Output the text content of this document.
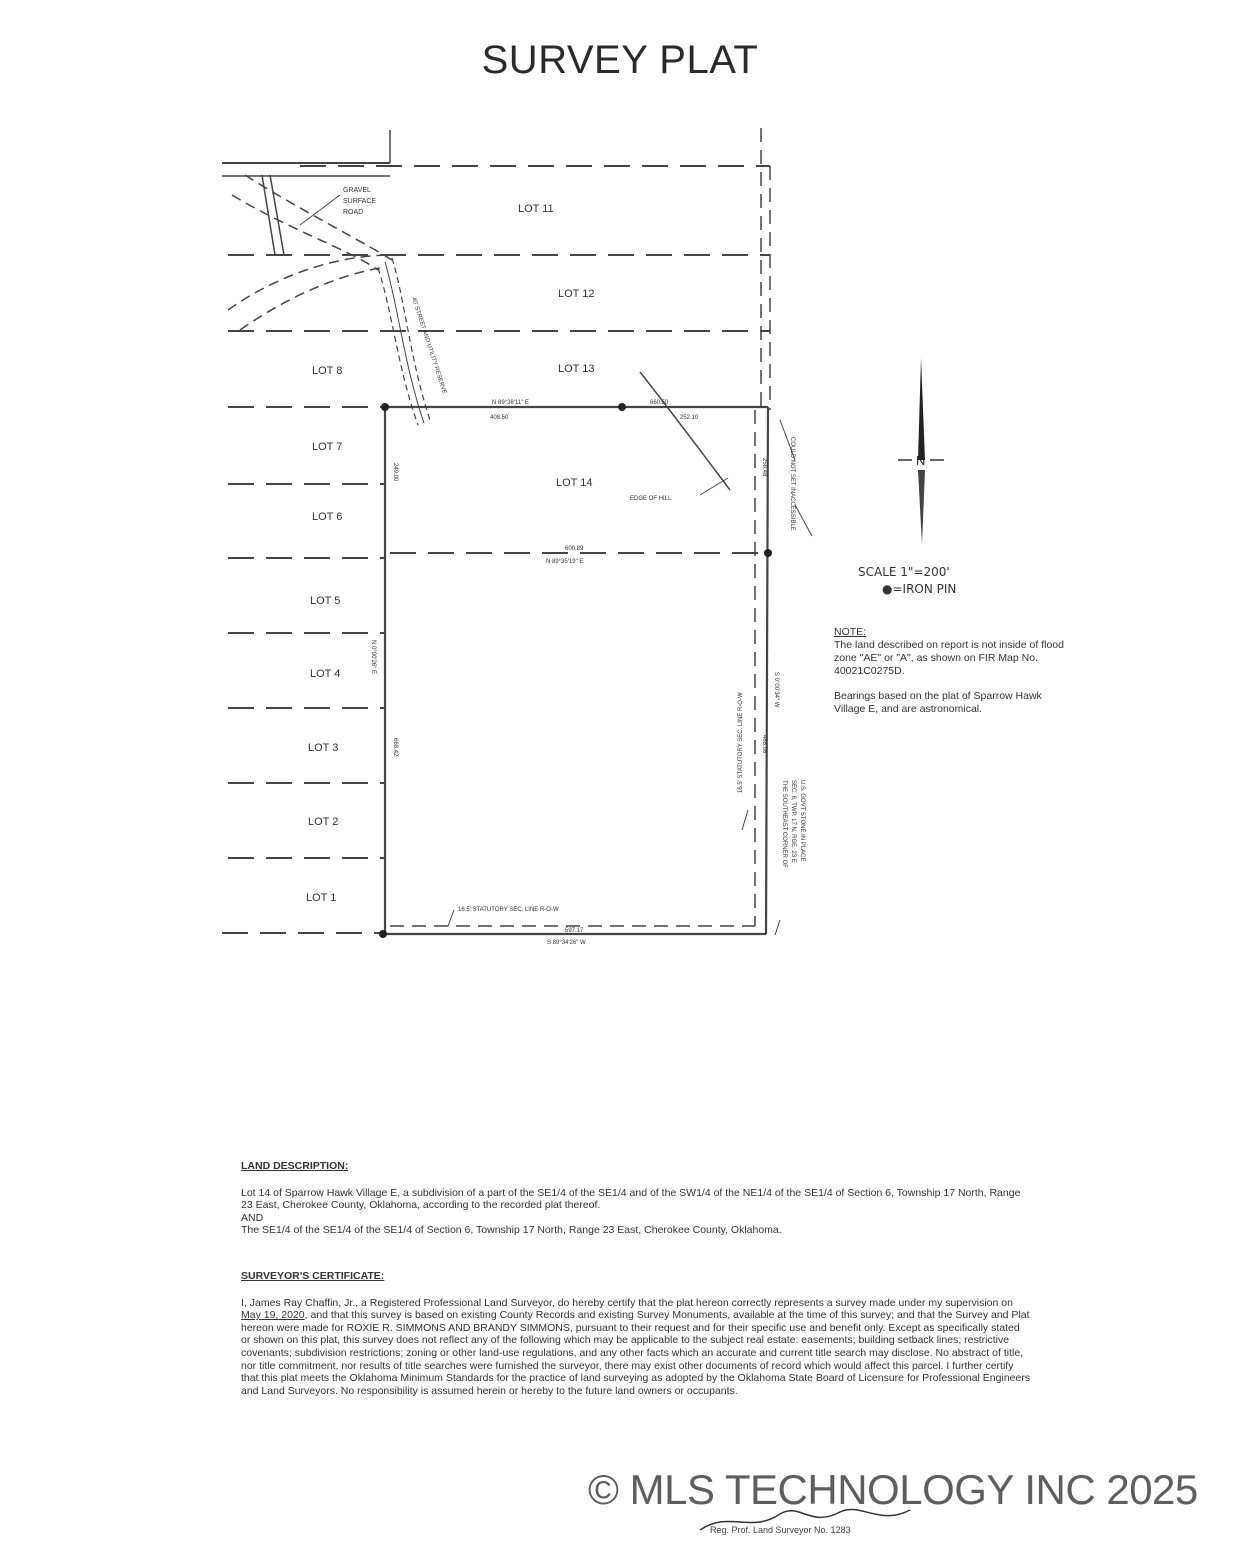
SURVEY PLAT
N
LOT 11
LOT 12
LOT 13
LOT 8
LOT 7
LOT 6
LOT 5
LOT 4
LOT 3
LOT 2
LOT 1
LOT 14
GRAVEL
SURFACE
ROAD
40' STREET AND UTILITY RESERVE
N 89°38'11" E
408.50
660.50
252.10
600.89
N 89°35'19" E
249.00
N 0°00'26" E
668.42
258.48
488.08
S 0°00'34" W
16.5' STATUTORY SEC. LINE R-O-W
16.5' STATUTORY SEC. LINE R-O-W
597.17
S 89°34'26" W
EDGE OF HILL	COULD NOT SET INACCESSIBLE
THE SOUTHEAST CORNER OF SEC. 6, TWP. 17 N, RGE. 23 E U.S. GOVT STONE IN PLACE
SCALE 1"=200'
●=IRON PIN
NOTE:

The land described on report is not inside of flood zone "AE" or "A", as shown on FIR Map No. 40021C0275D.

Bearings based on the plat of Sparrow Hawk Village E, and are astronomical.

LAND DESCRIPTION:
Lot 14 of Sparrow Hawk Village E, a subdivision of a part of the SE1/4 of the SE1/4 and of the SW1/4 of the NE1/4 of the SE1/4 of Section 6, Township 17 North, Range 23 East, Cherokee County, Oklahoma, according to the recorded plat thereof.
AND
The SE1/4 of the SE1/4 of the SE1/4 of Section 6, Township 17 North, Range 23 East, Cherokee County, Oklahoma.
SURVEYOR'S CERTIFICATE:
I, James Ray Chaffin, Jr., a Registered Professional Land Surveyor, do hereby certify that the plat hereon correctly represents a survey made under my supervision on May 19, 2020, and that this survey is based on existing County Records and existing Survey Monuments, available at the time of this survey; and that the Survey and Plat hereon were made for ROXIE R. SIMMONS AND BRANDY SIMMONS, pursuant to their request and for their specific use and benefit only. Except as specifically stated or shown on this plat, this survey does not reflect any of the following which may be applicable to the subject real estate: easements; building setback lines; restrictive covenants; subdivision restrictions; zoning or other land-use regulations, and any other facts which an accurate and current title search may disclose. No abstract of title, nor title commitment, nor results of title searches were furnished the surveyor, there may exist other documents of record which would affect this parcel. I further certify that this plat meets the Oklahoma Minimum Standards for the practice of land surveying as adopted by the Oklahoma State Board of Licensure for Professional Engineers and Land Surveyors. No responsibility is assumed herein or hereby to the future land owners or occupants.
Reg. Prof. Land Surveyor No. 1283
© MLS TECHNOLOGY INC 2025
